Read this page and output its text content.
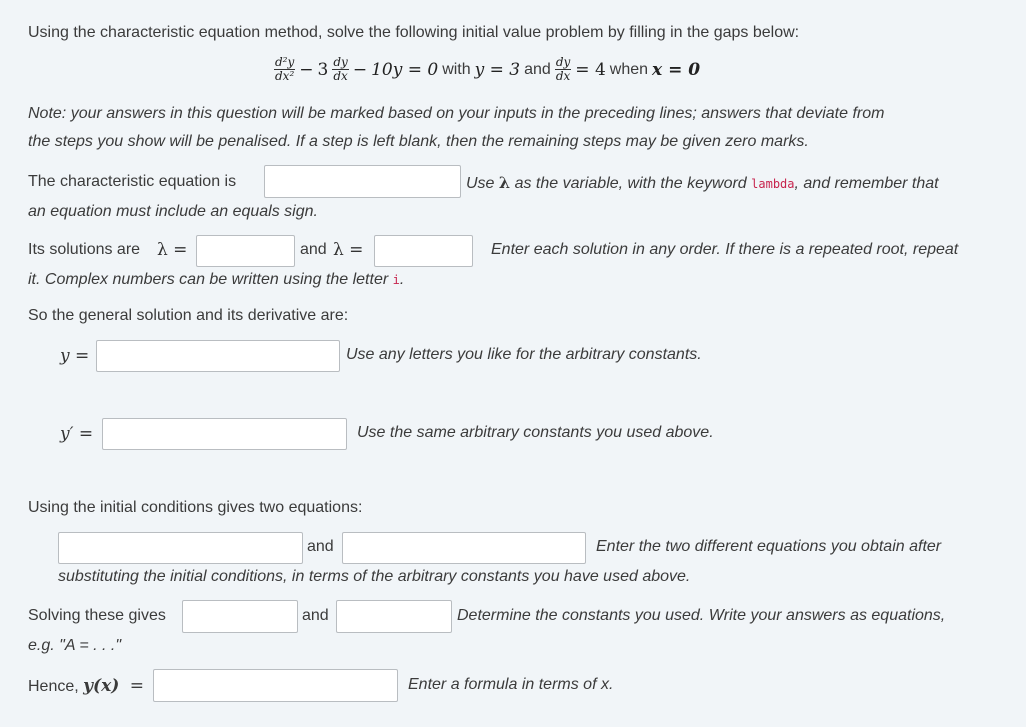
Using the characteristic equation method, solve the following initial value problem by filling in the gaps below:
$\frac{\text{d²y}}{\text{dx²}} - 3 \frac{dy}{dx} - 10y = 0$ with y = 3 and $\frac{dy}{dx} = 4$ when x = 0
Note: your answers in this question will be marked based on your inputs in the preceding lines; answers that deviate from
the steps you show will be penalised. If a step is left blank, then the remaining steps may be given zero marks.
The characteristic equation is	Use λ as the variable, with the keyword lambda, and remember that
an equation must include an equals sign.
Its solutions are λ =	and λ =	Enter each solution in any order. If there is a repeated root, repeat
it. Complex numbers can be written using the letter i.
So the general solution and its derivative are:
y =	Use any letters you like for the arbitrary constants.
y′ =	Use the same arbitrary constants you used above.
Using the initial conditions gives two equations:
and	Enter the two different equations you obtain after
substituting the initial conditions, in terms of the arbitrary constants you have used above.
Solving these gives	and	Determine the constants you used. Write your answers as equations,
e.g. "A = . . ."
Hence, y(x) =	Enter a formula in terms of x.
